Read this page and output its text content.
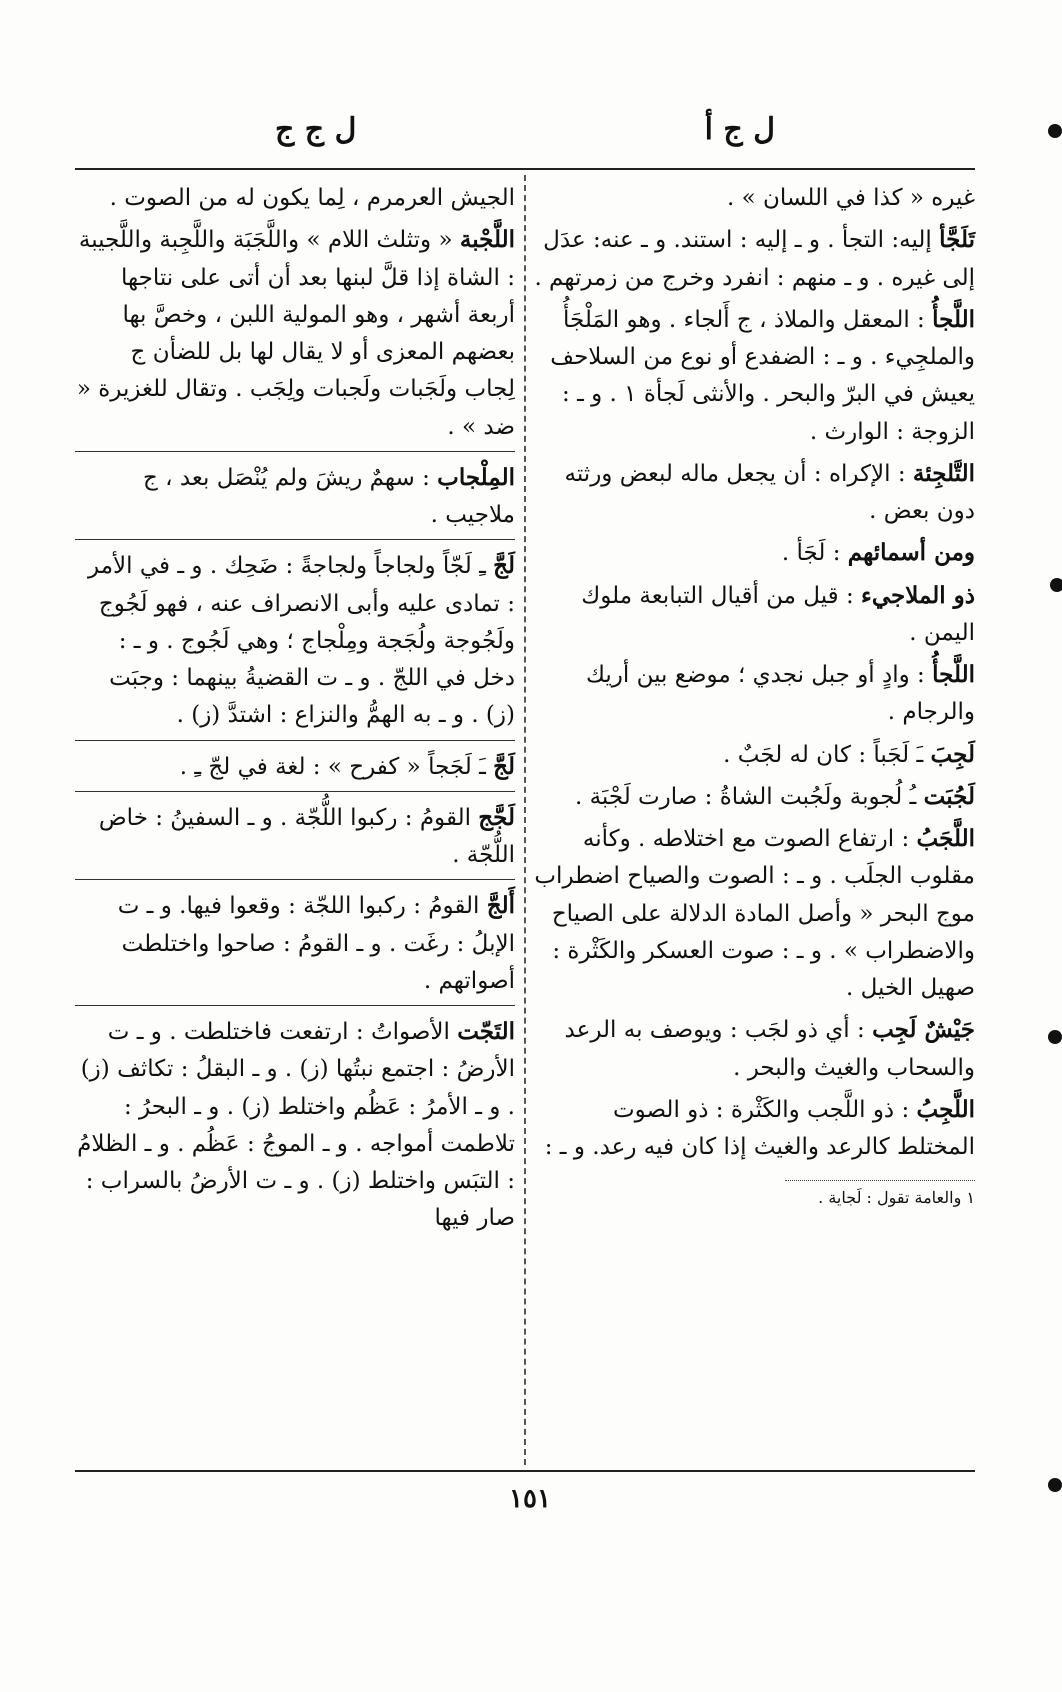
ل ج أ
ل ج ج

غيره « كذا في اللسان » .

تَلَجَّأ إليه: التجأ . و ـ إليه : استند. و ـ عنه: عدَل إلى غيره . و ـ منهم : انفرد وخرج من زمرتهم .

اللَّجأُ : المعقل والملاذ ، ج أَلجاء . وهو المَلْجَأُ والملجِيء . و ـ : الضفدع أو نوع من السلاحف يعيش في البرّ والبحر . والأنثى لَجأة ١ . و ـ : الزوجة : الوارث .

التَّلجِئة : الإكراه : أن يجعل ماله لبعض ورثته دون بعض .

ومن أسمائهم : لَجَأ .

ذو الملاجيء : قيل من أقيال التبابعة ملوك اليمن .

اللَّجأُ : وادٍ أو جبل نجدي ؛ موضع بين أريك والرجام .

لَجِبَ ـَ لَجَباً : كان له لجَبٌ .

لَجُبَت ـُ لُجوبة ولَجُبت الشاةُ : صارت لَجْبَة .

اللَّجَبُ : ارتفاع الصوت مع اختلاطه . وكأنه مقلوب الجلَب . و ـ : الصوت والصياح اضطراب موج البحر « وأصل المادة الدلالة على الصياح والاضطراب » . و ـ : صوت العسكر والكَثْرة : صهيل الخيل .

جَيْشٌ لَجِب : أي ذو لجَب : ويوصف به الرعد والسحاب والغيث والبحر .

اللَّجِبُ : ذو اللَّجب والكَثْرة : ذو الصوت المختلط كالرعد والغيث إذا كان فيه رعد. و ـ :

١ والعامة تقول : لَجاية .

الجيش العرمرم ، لِما يكون له من الصوت .

اللَّجْبة « وتثلث اللام » واللَّجَبَة واللَّجِبة واللَّجيبة : الشاة إذا قلَّ لبنها بعد أن أتى على نتاجها أربعة أشهر ، وهو المولية اللبن ، وخصَّ بها بعضهم المعزى أو لا يقال لها بل للضأن ج لِجاب ولَجَبات ولَجبات ولِجَب . وتقال للغزيرة « ضد » .

المِلْجاب : سهمٌ ريشَ ولم يُنْصَل بعد ، ج ملاجيب .

لَجَّ ـِ لَجّاً ولجاجاً ولجاجةً : ضَحِك . و ـ في الأمر : تمادى عليه وأبى الانصراف عنه ، فهو لَجُوج ولَجُوجة ولُجَجة ومِلْجاج ؛ وهي لَجُوج . و ـ : دخل في اللجّ . و ـ ت القضيةُ بينهما : وجبَت (ز) . و ـ به الهمُّ والنزاع : اشتدَّ (ز) .

لَجَّ ـَ لَجَجاً « كفرح » : لغة في لجّ ـِ .

لَجَّج القومُ : ركبوا اللُّجّة . و ـ السفينُ : خاض اللُّجّة .

أَلجَّ القومُ : ركبوا اللجّة : وقعوا فيها. و ـ ت الإبلُ : رغَت . و ـ القومُ : صاحوا واختلطت أصواتهم .

التَجّت الأصواتُ : ارتفعت فاختلطت . و ـ ت الأرضُ : اجتمع نبتُها (ز) . و ـ البقلُ : تكاثف (ز) . و ـ الأمرُ : عَظُم واختلط (ز) . و ـ البحرُ : تلاطمت أمواجه . و ـ الموجُ : عَظُم . و ـ الظلامُ : التبَس واختلط (ز) . و ـ ت الأرضُ بالسراب : صار فيها

١٥١
